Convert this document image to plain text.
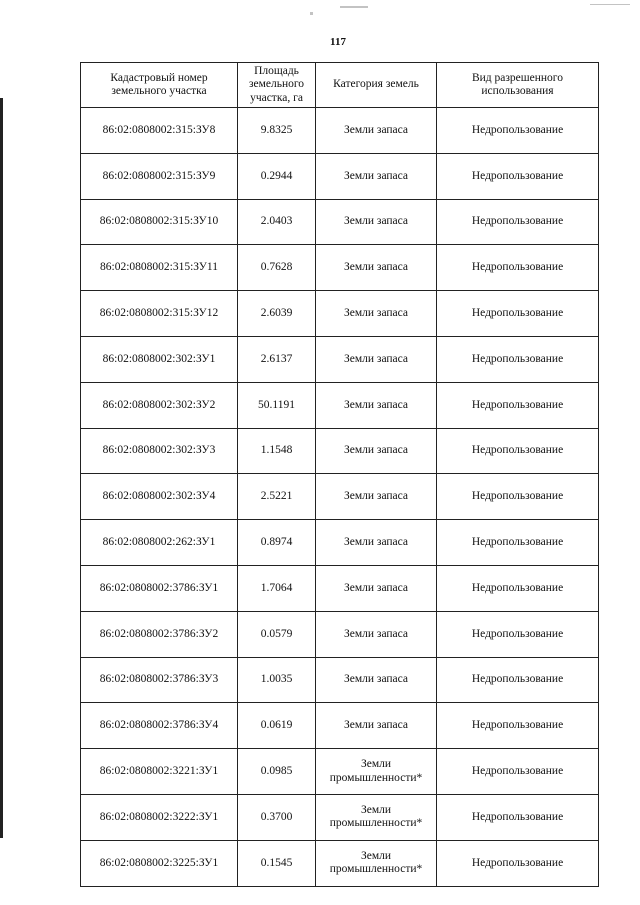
117
Кадастровый номер земельного участка	Площадь земельного участка, га	Категория земель	Вид разрешенного использования
86:02:0808002:315:ЗУ8	9.8325	Земли запаса	Недропользование
86:02:0808002:315:ЗУ9	0.2944	Земли запаса	Недропользование
86:02:0808002:315:ЗУ10	2.0403	Земли запаса	Недропользование
86:02:0808002:315:ЗУ11	0.7628	Земли запаса	Недропользование
86:02:0808002:315:ЗУ12	2.6039	Земли запаса	Недропользование
86:02:0808002:302:ЗУ1	2.6137	Земли запаса	Недропользование
86:02:0808002:302:ЗУ2	50.1191	Земли запаса	Недропользование
86:02:0808002:302:ЗУ3	1.1548	Земли запаса	Недропользование
86:02:0808002:302:ЗУ4	2.5221	Земли запаса	Недропользование
86:02:0808002:262:ЗУ1	0.8974	Земли запаса	Недропользование
86:02:0808002:3786:ЗУ1	1.7064	Земли запаса	Недропользование
86:02:0808002:3786:ЗУ2	0.0579	Земли запаса	Недропользование
86:02:0808002:3786:ЗУ3	1.0035	Земли запаса	Недропользование
86:02:0808002:3786:ЗУ4	0.0619	Земли запаса	Недропользование
86:02:0808002:3221:ЗУ1	0.0985	Земли промышленности*	Недропользование
86:02:0808002:3222:ЗУ1	0.3700	Земли промышленности*	Недропользование
86:02:0808002:3225:ЗУ1	0.1545	Земли промышленности*	Недропользование
